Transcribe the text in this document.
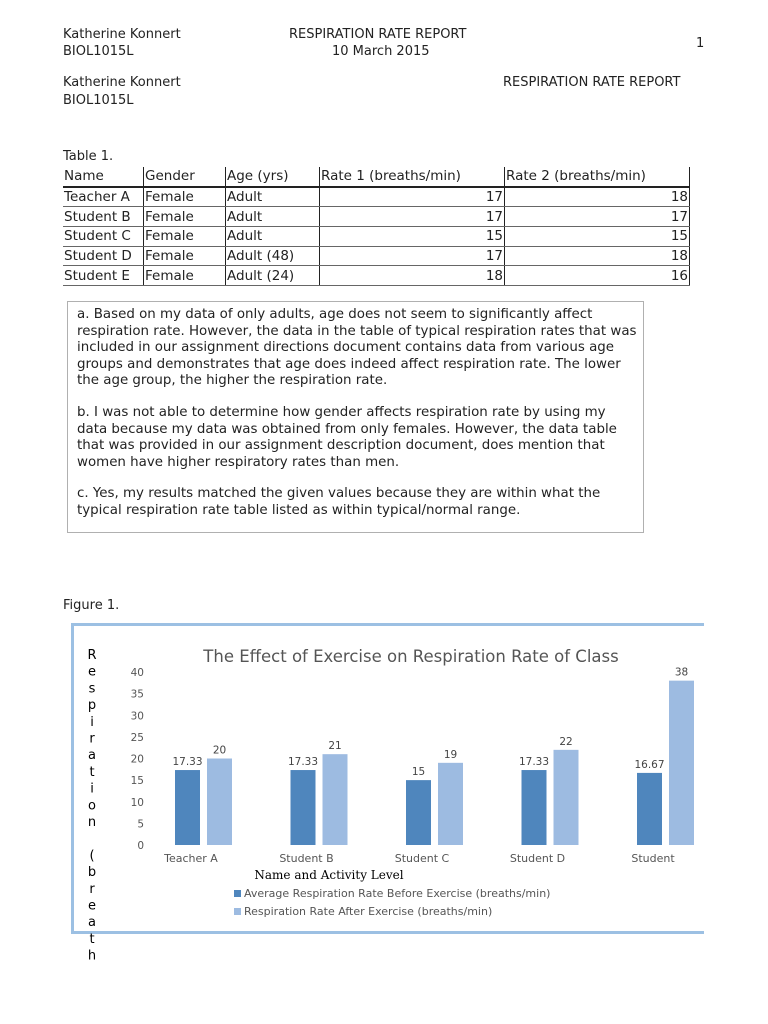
Katherine Konnert
BIOL1015L
RESPIRATION RATE REPORT
10 March 2015
1
Katherine Konnert
BIOL1015L
RESPIRATION RATE REPORT
Table 1.
Name	Gender	Age (yrs)	Rate 1 (breaths/min)	Rate 2 (breaths/min)
Teacher A	Female	Adult	17	18
Student B	Female	Adult	17	17
Student C	Female	Adult	15	15
Student D	Female	Adult (48)	17	18
Student E	Female	Adult (24)	18	16

a. Based on my data of only adults, age does not seem to significantly affect respiration rate. However, the data in the table of typical respiration rates that was included in our assignment directions document contains data from various age groups and demonstrates that age does indeed affect respiration rate. The lower the age group, the higher the respiration rate.

b. I was not able to determine how gender affects respiration rate by using my data because my data was obtained from only females. However, the data table that was provided in our assignment description document, does mention that women have higher respiratory rates than men.

c. Yes, my results matched the given values because they are within what the typical respiration rate table listed as within typical/normal range.

Figure 1.
The Effect of Exercise on Respiration Rate of Class
0
5
10
15
20
25
30
35
40
17.33
20
17.33
21
15
19
17.33
22
16.67
38
Teacher A	Student B	Student C	Student D	Student
Name and Activity Level
R
e
s
p
i
r
a
t
i
o
n
(
b
r
e
a
t
h
Average Respiration Rate Before Exercise (breaths/min)
Respiration Rate After Exercise (breaths/min)
